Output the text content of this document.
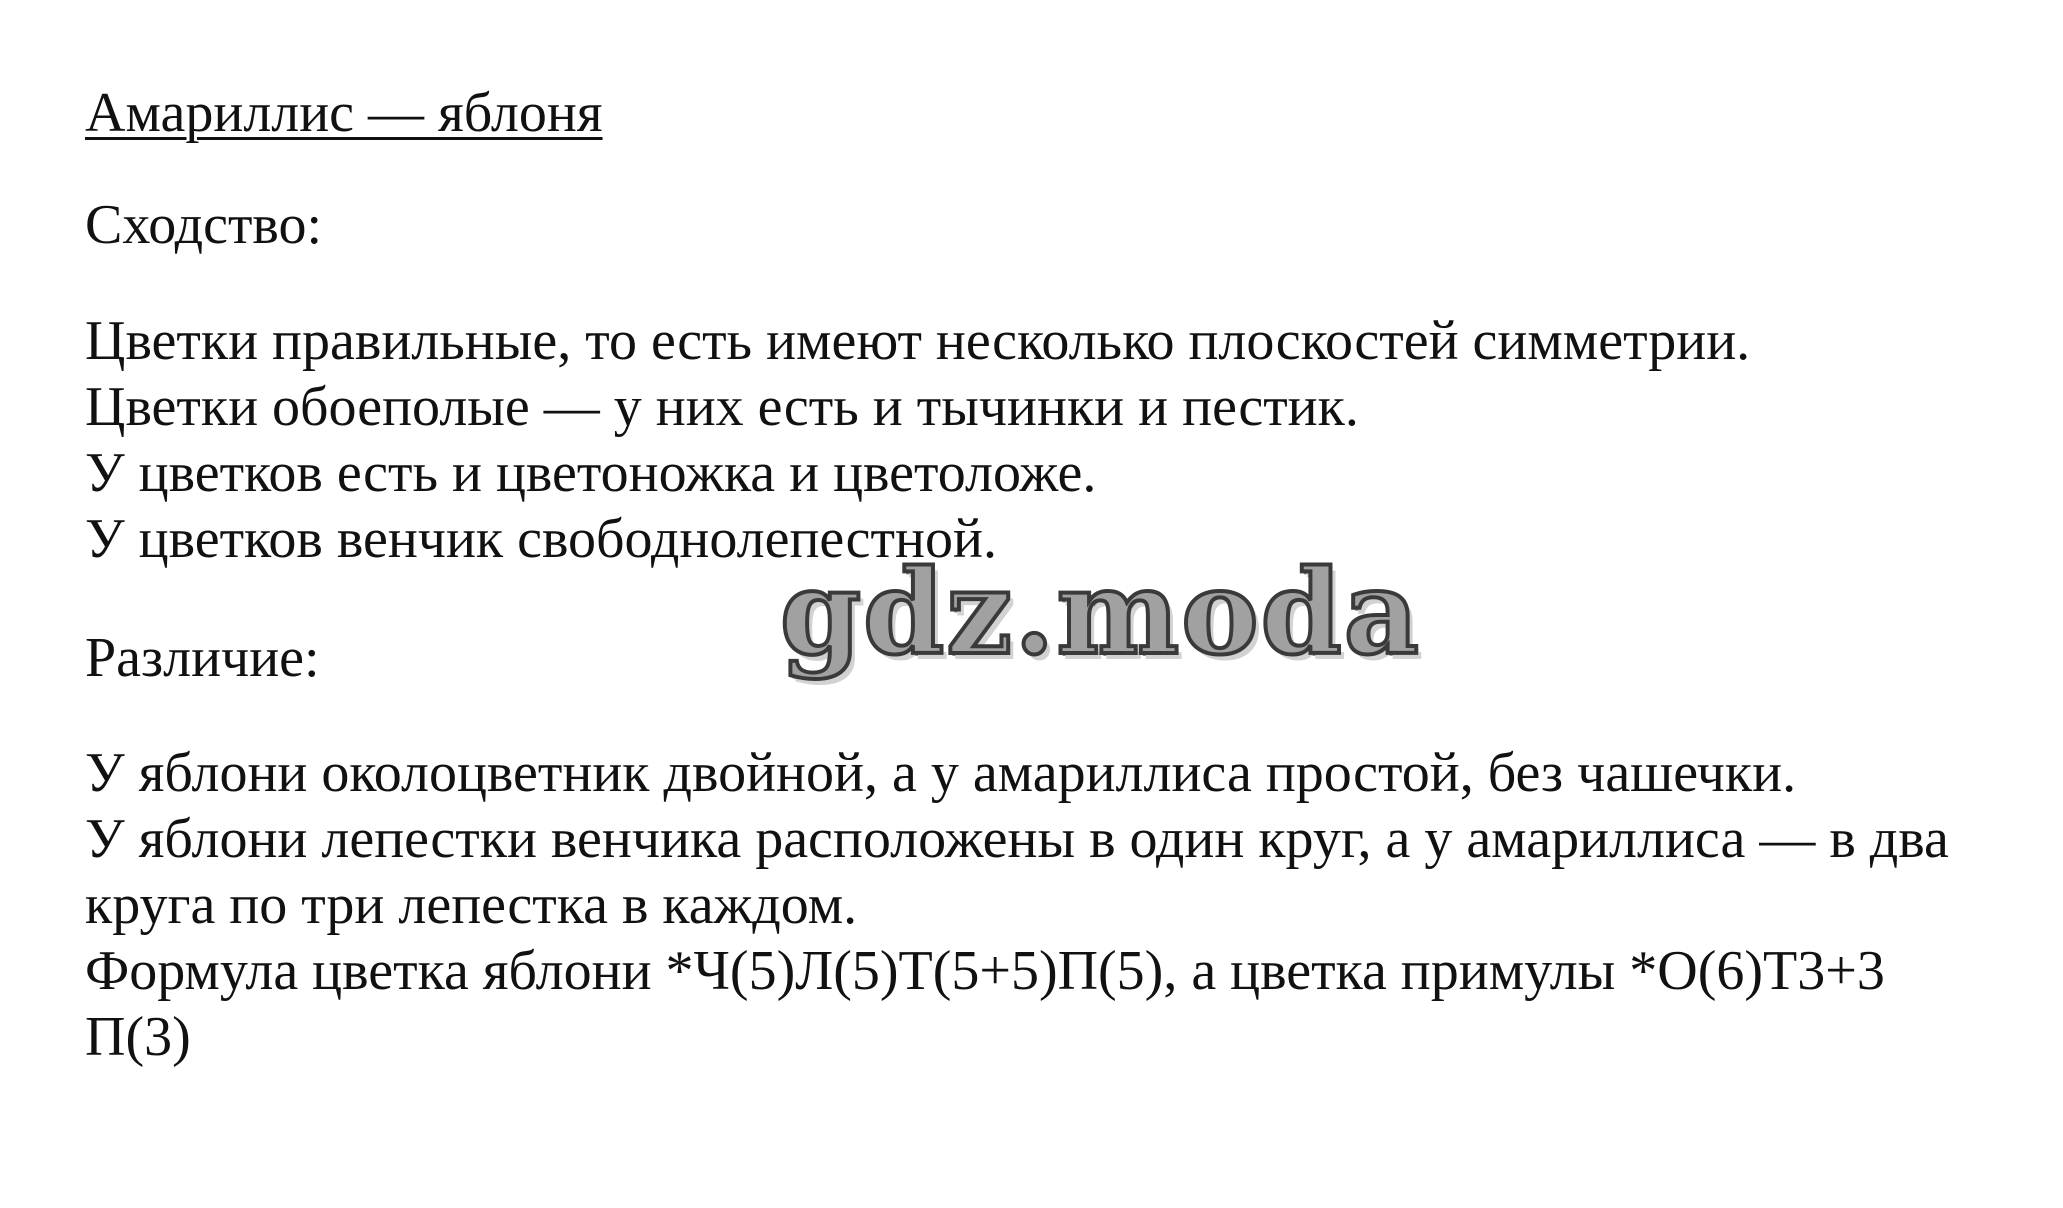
Амариллис — яблоня
Сходство:

Цветки правильные, то есть имеют несколько плоскостей симметрии.

Цветки обоеполые — у них есть и тычинки и пестик.

У цветков есть и цветоножка и цветоложе.

У цветков венчик свободнолепестной.

gdz.moda
Различие:

У яблони околоцветник двойной, а у амариллиса простой, без чашечки.

У яблони лепестки венчика расположены в один круг, а у амариллиса — в два круга по три лепестка в каждом.

Формула цветка яблони *Ч(5)Л(5)Т(5+5)П(5), а цветка примулы *О(6)Т3+3 П(3)
